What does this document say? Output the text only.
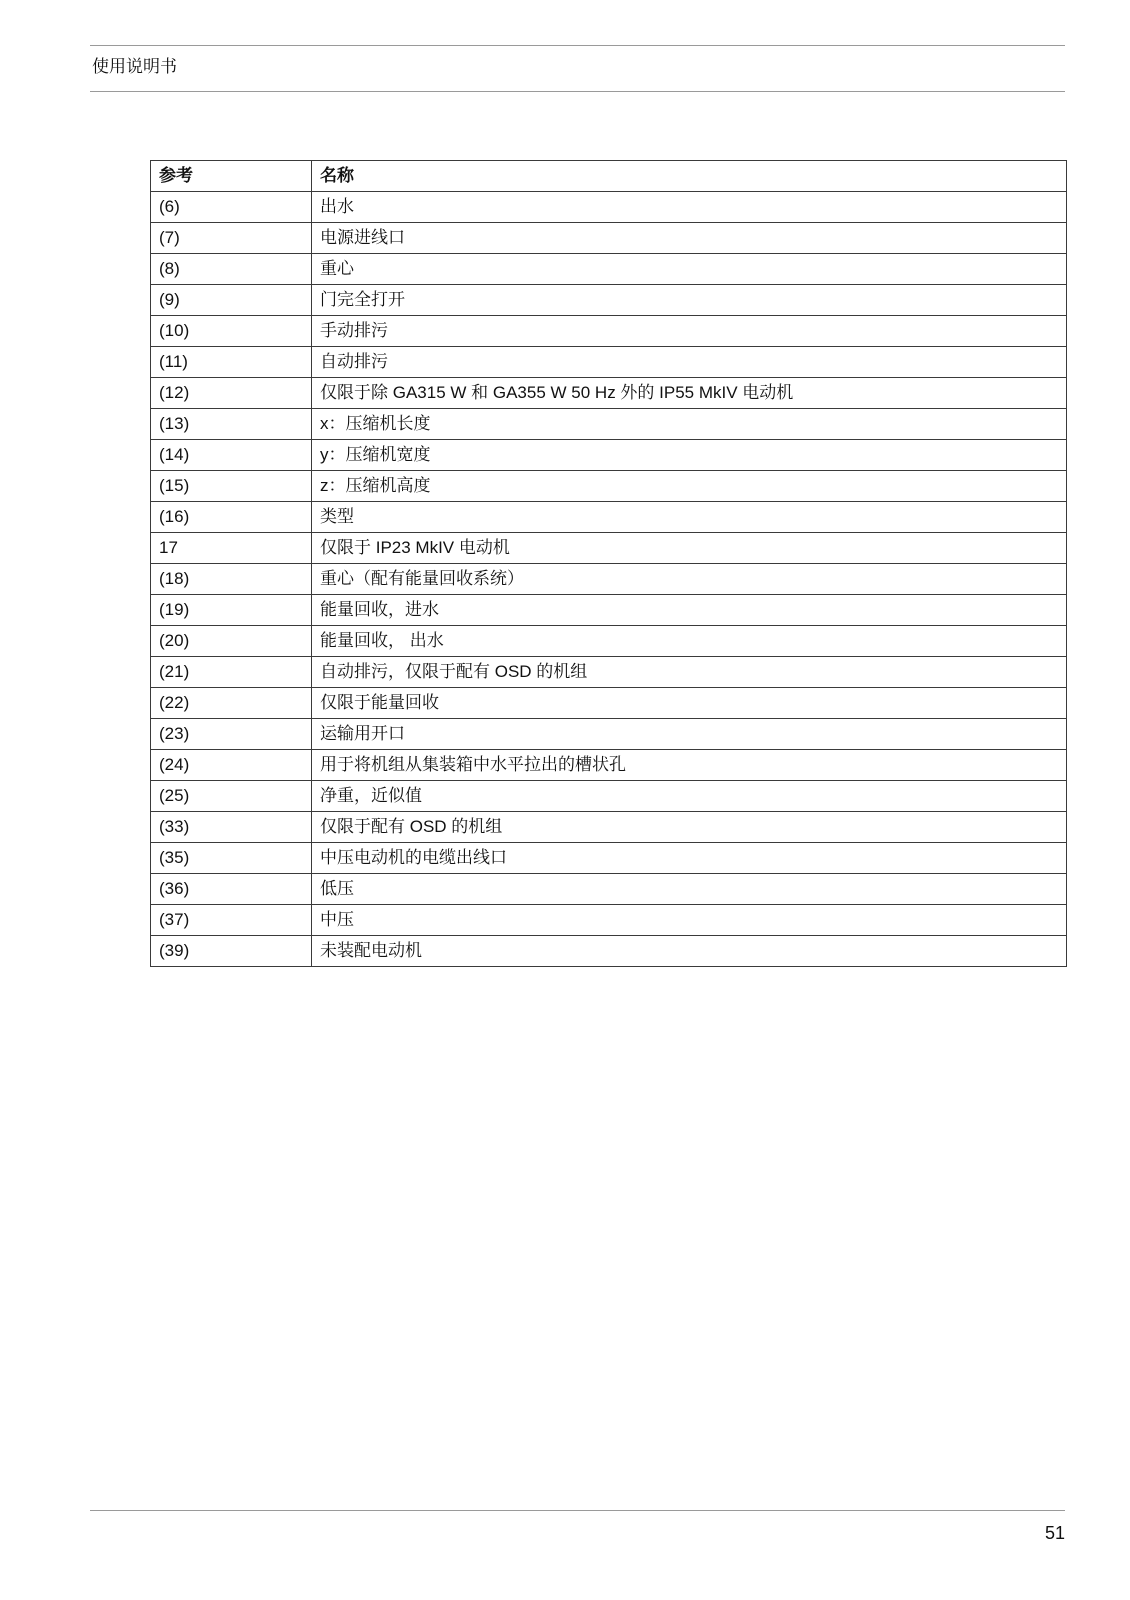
使用说明书
参考	名称
(6)	出水
(7)	电源进线口
(8)	重心
(9)	门完全打开
(10)	手动排污
(11)	自动排污
(12)	仅限于除 GA315 W 和 GA355 W 50 Hz 外的 IP55 MkIV 电动机
(13)	x：压缩机长度
(14)	y：压缩机宽度
(15)	z：压缩机高度
(16)	类型
17	仅限于 IP23 MkIV 电动机
(18)	重心（配有能量回收系统）
(19)	能量回收，进水
(20)	能量回收， 出水
(21)	自动排污，仅限于配有 OSD 的机组
(22)	仅限于能量回收
(23)	运输用开口
(24)	用于将机组从集装箱中水平拉出的槽状孔
(25)	净重，近似值
(33)	仅限于配有 OSD 的机组
(35)	中压电动机的电缆出线口
(36)	低压
(37)	中压
(39)	未装配电动机
51
